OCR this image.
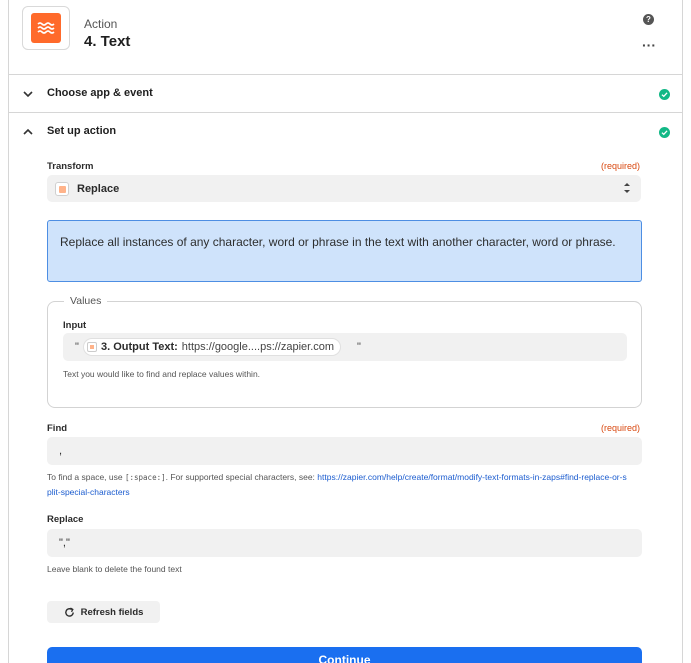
Action
4. Text
?
···
Choose app & event
Set up action
Transform	(required)
Replace
Replace all instances of any character, word or phrase in the text with another character, word or phrase.
Values
Input
" 3. Output Text: https://google....ps://zapier.com "
Text you would like to find and replace values within.
Find	(required)
,
To find a space, use [:space:]. For supported special characters, see: https://zapier.com/help/create/format/modify-text-formats-in-zaps#find-replace-or-split-special-characters
Replace
","
Leave blank to delete the found text
Refresh fields
Continue
